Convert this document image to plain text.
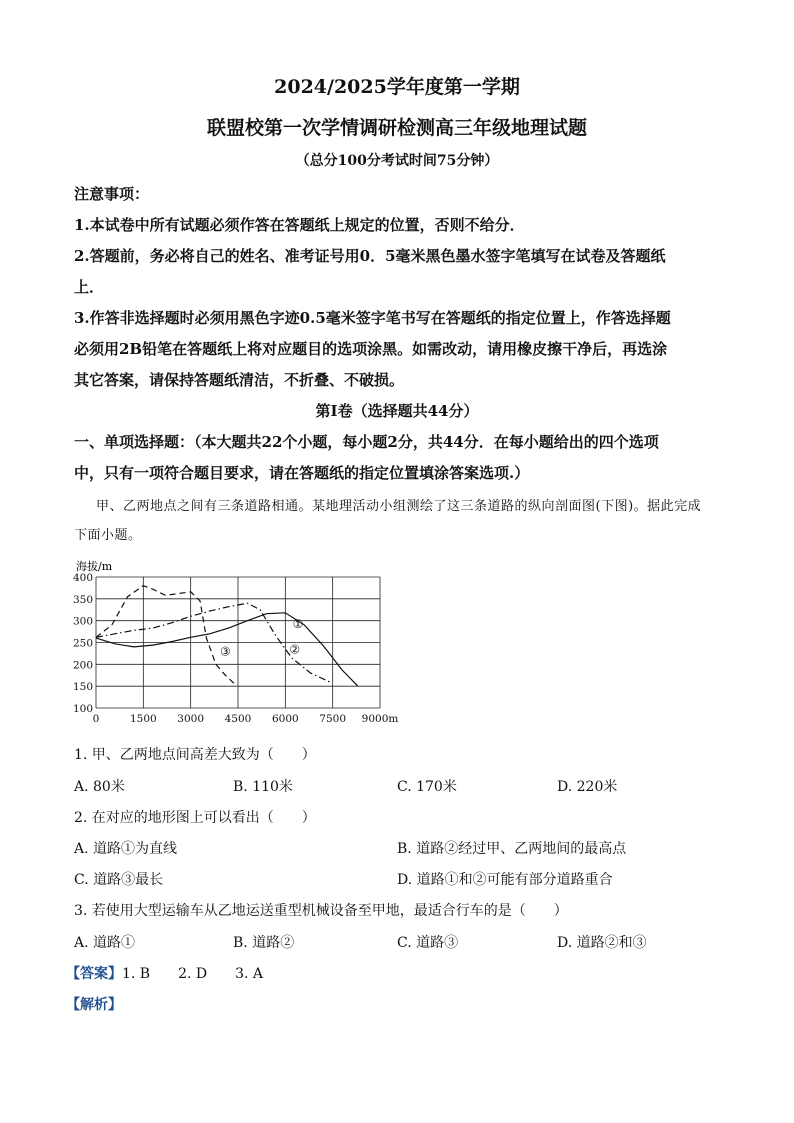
2024/2025学年度第一学期
联盟校第一次学情调研检测高三年级地理试题
（总分100分考试时间75分钟）
注意事项：
1.本试卷中所有试题必须作答在答题纸上规定的位置，否则不给分．
2.答题前，务必将自己的姓名、准考证号用0．5毫米黑色墨水签字笔填写在试卷及答题纸
上．
3.作答非选择题时必须用黑色字迹0.5毫米签字笔书写在答题纸的指定位置上，作答选择题
必须用2B铅笔在答题纸上将对应题目的选项涂黑。如需改动，请用橡皮擦干净后，再选涂
其它答案，请保持答题纸清洁，不折叠、不破损。
第Ⅰ卷（选择题共44分）
一、单项选择题：（本大题共22个小题，每小题2分，共44分．在每小题给出的四个选项
中，只有一项符合题目要求，请在答题纸的指定位置填涂答案选项.）
甲、乙两地点之间有三条道路相通。某地理活动小组测绘了这三条道路的纵向剖面图(下图)。据此完成
下面小题。
0	1500 3000 4500 6000 7500 9000m
400
350
300
250
200
150
100
①
②
③
海拔/m
1. 甲、乙两地点间高差大致为（　　）
A. 80米	B. 110米	C. 170米	D. 220米
2. 在对应的地形图上可以看出（　　）
A. 道路①为直线	B. 道路②经过甲、乙两地间的最高点
C. 道路③最长	D. 道路①和②可能有部分道路重合
3. 若使用大型运输车从乙地运送重型机械设备至甲地，最适合行车的是（　　）
A. 道路①	B. 道路②	C. 道路③	D. 道路②和③
【答案】1. B　　2. D　　3. A
【解析】
